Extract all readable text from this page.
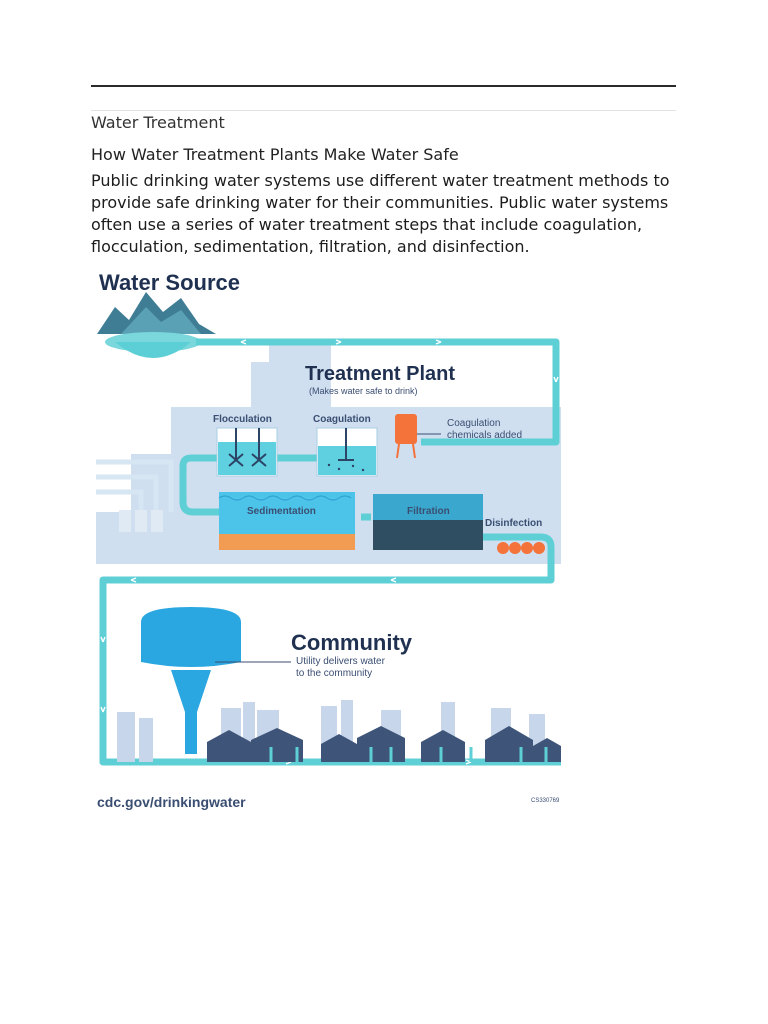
Water Treatment
How Water Treatment Plants Make Water Safe
Public drinking water systems use different water treatment methods to provide safe drinking water for their communities. Public water systems often use a series of water treatment steps that include coagulation, flocculation, sedimentation, filtration, and disinfection.
Water Source
Treatment Plant
(Makes water safe to drink)
Flocculation	Coagulation	Coagulation
chemicals added
Sedimentation	Filtration
Disinfection
Community
Utility delivers water
to the community
cdc.gov/drinkingwater	CS330769
